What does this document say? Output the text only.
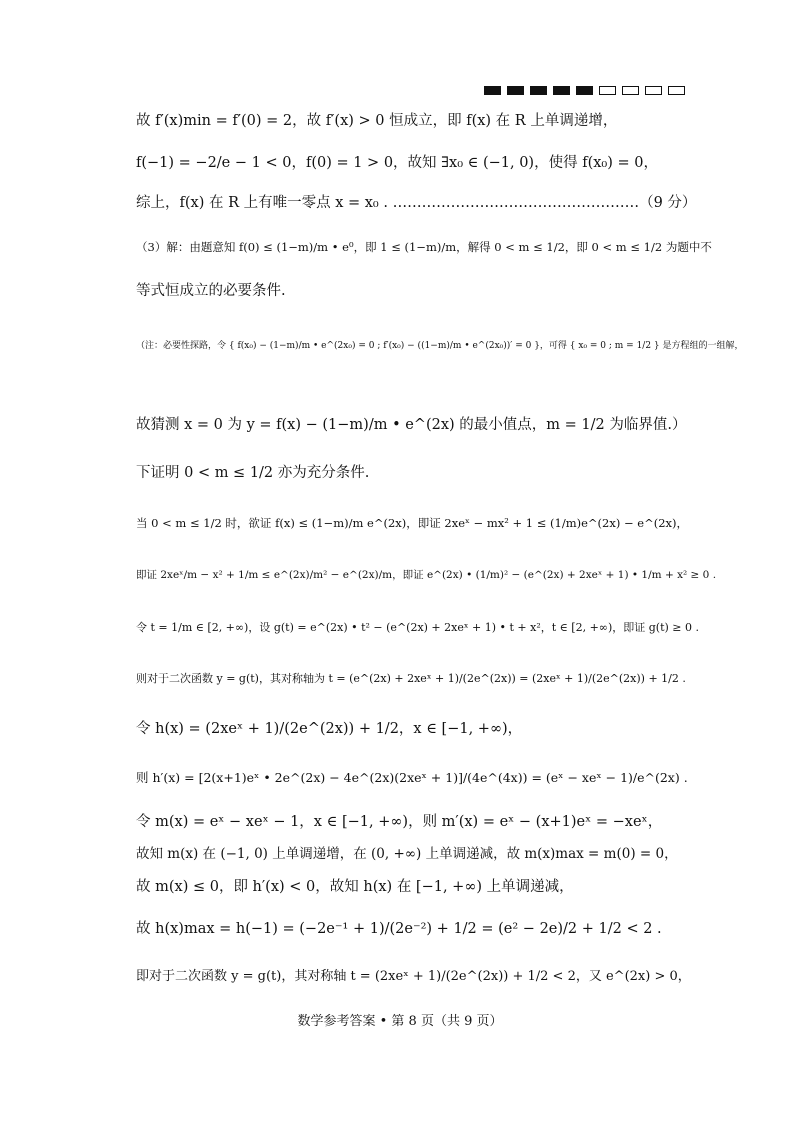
故 f′(x)min = f′(0) = 2，故 f′(x) > 0 恒成立，即 f(x) 在 R 上单调递增，
f(−1) = −2/e − 1 < 0，f(0) = 1 > 0，故知 ∃x₀ ∈ (−1, 0)，使得 f(x₀) = 0，
综上，f(x) 在 R 上有唯一零点 x = x₀ . ……………………………………………（9 分）
（3）解：由题意知 f(0) ≤ (1−m)/m • e⁰，即 1 ≤ (1−m)/m，解得 0 < m ≤ 1/2，即 0 < m ≤ 1/2 为题中不
等式恒成立的必要条件.
（注：必要性探路，令 { f(x₀) − (1−m)/m • e^(2x₀) = 0 ; f′(x₀) − ((1−m)/m • e^(2x₀))′ = 0 }，可得 { x₀ = 0 ; m = 1/2 } 是方程组的一组解，
故猜测 x = 0 为 y = f(x) − (1−m)/m • e^(2x) 的最小值点，m = 1/2 为临界值.）
下证明 0 < m ≤ 1/2 亦为充分条件.
当 0 < m ≤ 1/2 时，欲证 f(x) ≤ (1−m)/m e^(2x)，即证 2xeˣ − mx² + 1 ≤ (1/m)e^(2x) − e^(2x)，
即证 2xeˣ/m − x² + 1/m ≤ e^(2x)/m² − e^(2x)/m，即证 e^(2x) • (1/m)² − (e^(2x) + 2xeˣ + 1) • 1/m + x² ≥ 0 .
令 t = 1/m ∈ [2, +∞)，设 g(t) = e^(2x) • t² − (e^(2x) + 2xeˣ + 1) • t + x²，t ∈ [2, +∞)，即证 g(t) ≥ 0 .
则对于二次函数 y = g(t)，其对称轴为 t = (e^(2x) + 2xeˣ + 1)/(2e^(2x)) = (2xeˣ + 1)/(2e^(2x)) + 1/2 .
令 h(x) = (2xeˣ + 1)/(2e^(2x)) + 1/2，x ∈ [−1, +∞)，
则 h′(x) = [2(x+1)eˣ • 2e^(2x) − 4e^(2x)(2xeˣ + 1)]/(4e^(4x)) = (eˣ − xeˣ − 1)/e^(2x) .
令 m(x) = eˣ − xeˣ − 1，x ∈ [−1, +∞)，则 m′(x) = eˣ − (x+1)eˣ = −xeˣ，
故知 m(x) 在 (−1, 0) 上单调递增，在 (0, +∞) 上单调递减，故 m(x)max = m(0) = 0，
故 m(x) ≤ 0，即 h′(x) < 0，故知 h(x) 在 [−1, +∞) 上单调递减，
故 h(x)max = h(−1) = (−2e⁻¹ + 1)/(2e⁻²) + 1/2 = (e² − 2e)/2 + 1/2 < 2 .
即对于二次函数 y = g(t)，其对称轴 t = (2xeˣ + 1)/(2e^(2x)) + 1/2 < 2，又 e^(2x) > 0，
数学参考答案 • 第 8 页（共 9 页）
